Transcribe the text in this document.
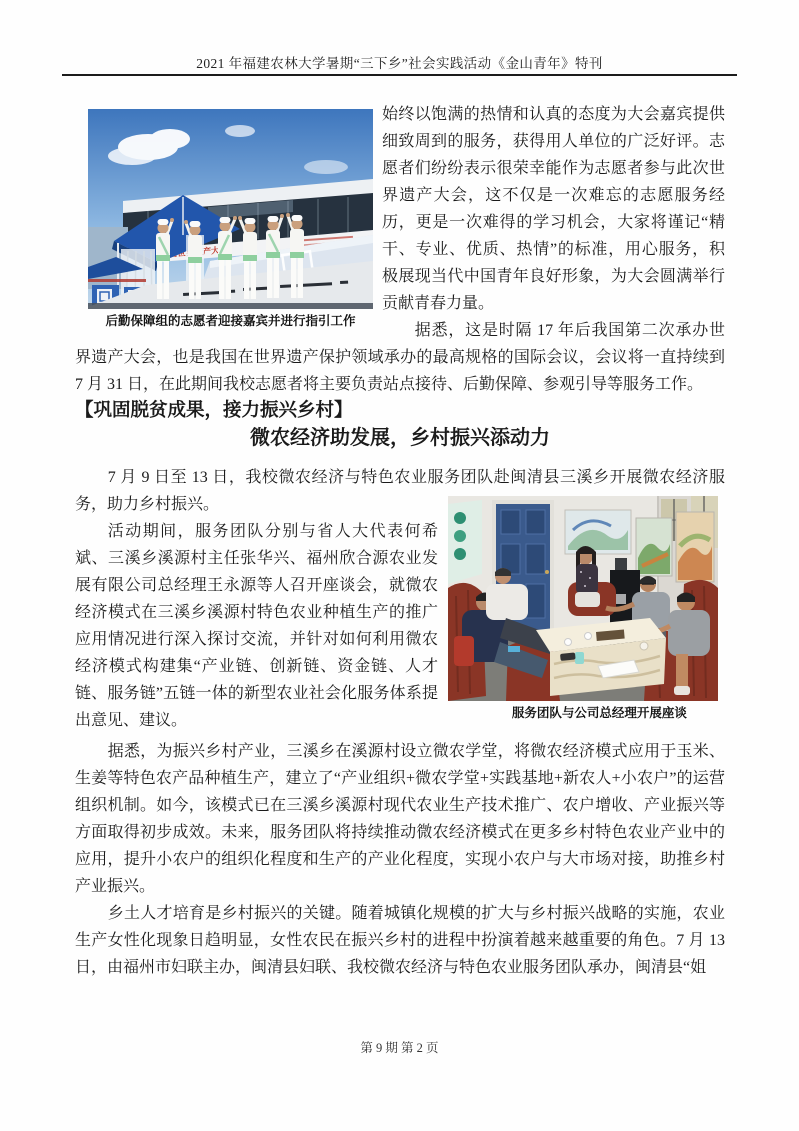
2021 年福建农林大学暑期“三下乡”社会实践活动《金山青年》特刊
后勤保障组的志愿者迎接嘉宾并进行指引工作

始终以饱满的热情和认真的态度为大会嘉宾提供细致周到的服务，获得用人单位的广泛好评。志愿者们纷纷表示很荣幸能作为志愿者参与此次世界遗产大会，这不仅是一次难忘的志愿服务经历，更是一次难得的学习机会，大家将谨记“精干、专业、优质、热情”的标准，用心服务，积极展现当代中国青年良好形象，为大会圆满举行贡献青春力量。

据悉，这是时隔 17 年后我国第二次承办世界遗产大会，也是我国在世界遗产保护领域承办的最高规格的国际会议，会议将一直持续到 7 月 31 日，在此期间我校志愿者将主要负责站点接待、后勤保障、参观引导等服务工作。

【巩固脱贫成果，接力振兴乡村】

微农经济助发展，乡村振兴添动力

7 月 9 日至 13 日，我校微农经济与特色农业服务团队赴闽清县三溪乡开展微农经济服务，助力乡村振兴。

服务团队与公司总经理开展座谈
活动期间，服务团队分别与省人大代表何希斌、三溪乡溪源村主任张华兴、福州欣合源农业发展有限公司总经理王永源等人召开座谈会，就微农经济模式在三溪乡溪源村特色农业种植生产的推广应用情况进行深入探讨交流，并针对如何利用微农经济模式构建集“产业链、创新链、资金链、人才链、服务链”五链一体的新型农业社会化服务体系提出意见、建议。

据悉，为振兴乡村产业，三溪乡在溪源村设立微农学堂，将微农经济模式应用于玉米、生姜等特色农产品种植生产，建立了“产业组织+微农学堂+实践基地+新农人+小农户”的运营组织机制。如今，该模式已在三溪乡溪源村现代农业生产技术推广、农户增收、产业振兴等方面取得初步成效。未来，服务团队将持续推动微农经济模式在更多乡村特色农业产业中的应用，提升小农户的组织化程度和生产的产业化程度，实现小农户与大市场对接，助推乡村产业振兴。

乡土人才培育是乡村振兴的关键。随着城镇化规模的扩大与乡村振兴战略的实施，农业生产女性化现象日趋明显，女性农民在振兴乡村的进程中扮演着越来越重要的角色。7 月 13 日，由福州市妇联主办，闽清县妇联、我校微农经济与特色农业服务团队承办，闽清县“姐

第 9 期 第 2 页
